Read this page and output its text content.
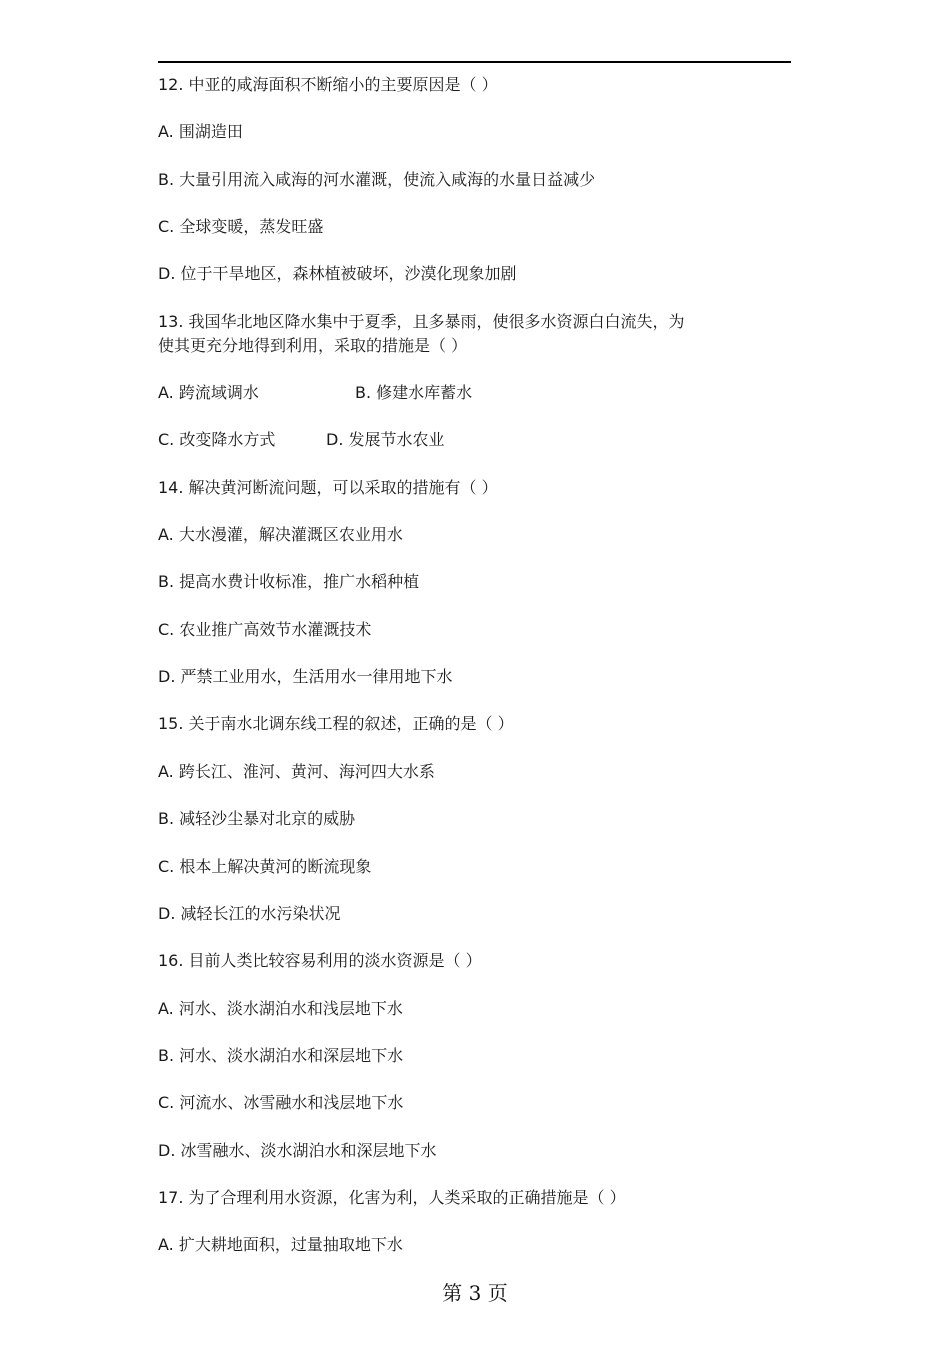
12. 中亚的咸海面积不断缩小的主要原因是（ ）
A. 围湖造田
B. 大量引用流入咸海的河水灌溉，使流入咸海的水量日益减少
C. 全球变暖，蒸发旺盛
D. 位于干旱地区，森林植被破坏，沙漠化现象加剧
13. 我国华北地区降水集中于夏季，且多暴雨，使很多水资源白白流失，为
使其更充分地得到利用，采取的措施是（ ）
A. 跨流域调水	B. 修建水库蓄水
C. 改变降水方式	D. 发展节水农业
14. 解决黄河断流问题，可以采取的措施有（ ）
A. 大水漫灌，解决灌溉区农业用水
B. 提高水费计收标准，推广水稻种植
C. 农业推广高效节水灌溉技术
D. 严禁工业用水，生活用水一律用地下水
15. 关于南水北调东线工程的叙述，正确的是（ ）
A. 跨长江、淮河、黄河、海河四大水系
B. 减轻沙尘暴对北京的威胁
C. 根本上解决黄河的断流现象
D. 减轻长江的水污染状况
16. 目前人类比较容易利用的淡水资源是（ ）
A. 河水、淡水湖泊水和浅层地下水
B. 河水、淡水湖泊水和深层地下水
C. 河流水、冰雪融水和浅层地下水
D. 冰雪融水、淡水湖泊水和深层地下水
17. 为了合理利用水资源，化害为利，人类采取的正确措施是（ ）
A. 扩大耕地面积，过量抽取地下水
第 3 页
